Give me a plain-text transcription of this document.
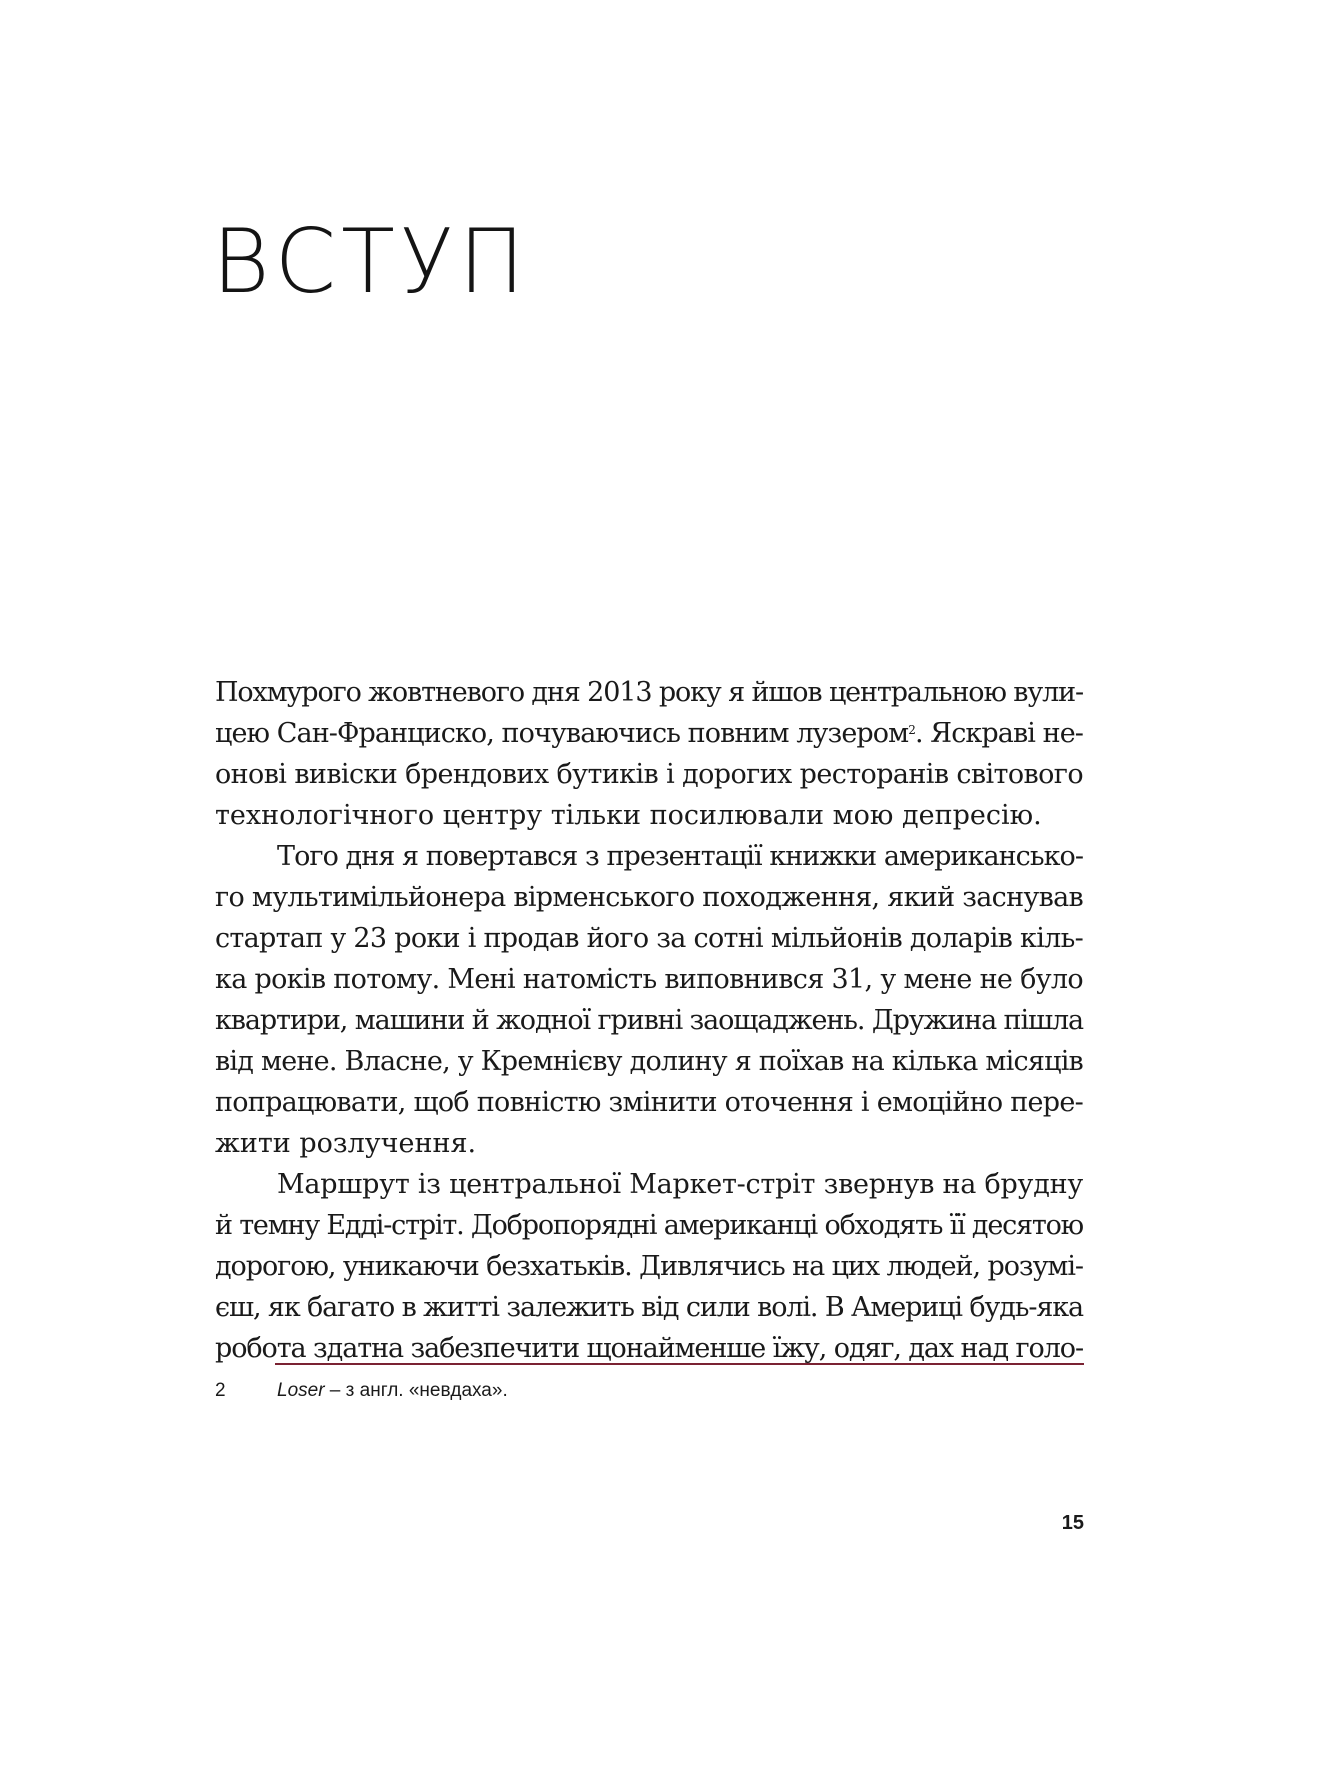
ВСТУП
Похмурого жовтневого дня 2013 року я йшов центральною вули-
цею Сан-Франциско, почуваючись повним лузером$^2$. Яскраві не-
онові вивіски брендових бутиків і дорогих ресторанів світового
технологічного центру тільки посилювали мою депресію.
Того дня я повертався з презентації книжки американсько-
го мультимільйонера вірменського походження, який заснував
стартап у 23 роки і продав його за сотні мільйонів доларів кіль-
ка років потому. Мені натомість виповнився 31, у мене не було
квартири, машини й жодної гривні заощаджень. Дружина пішла
від мене. Власне, у Кремнієву долину я поїхав на кілька місяців
попрацювати, щоб повністю змінити оточення і емоційно пере-
жити розлучення.
Маршрут із центральної Маркет-стріт звернув на брудну
й темну Едді-стріт. Добропорядні американці обходять її десятою
дорогою, уникаючи безхатьків. Дивлячись на цих людей, розумі-
єш, як багато в житті залежить від сили волі. В Америці будь-яка
робота здатна забезпечити щонайменше їжу, одяг, дах над голо-
2	Loser – з англ. «невдаха».
15
